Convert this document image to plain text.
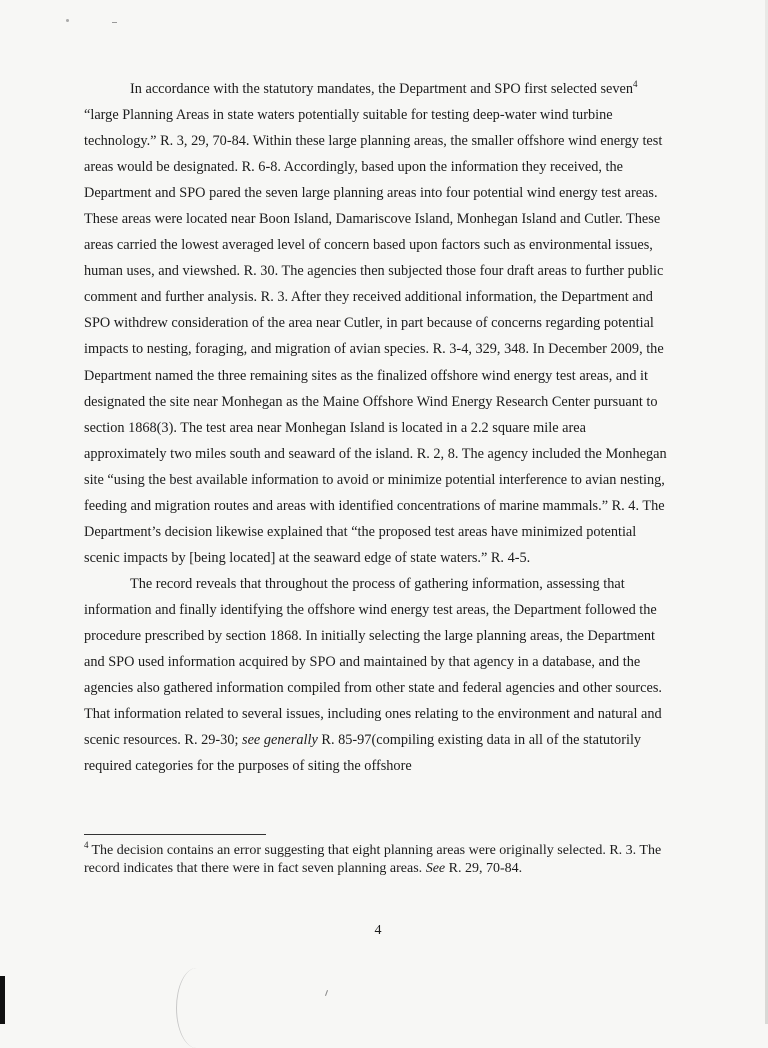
In accordance with the statutory mandates, the Department and SPO first selected seven$^4$ “large Planning Areas in state waters potentially suitable for testing deep-water wind turbine technology.” R. 3, 29, 70-84. Within these large planning areas, the smaller offshore wind energy test areas would be designated. R. 6-8. Accordingly, based upon the information they received, the Department and SPO pared the seven large planning areas into four potential wind energy test areas. These areas were located near Boon Island, Damariscove Island, Monhegan Island and Cutler. These areas carried the lowest averaged level of concern based upon factors such as environmental issues, human uses, and viewshed. R. 30. The agencies then subjected those four draft areas to further public comment and further analysis. R. 3. After they received additional information, the Department and SPO withdrew consideration of the area near Cutler, in part because of concerns regarding potential impacts to nesting, foraging, and migration of avian species. R. 3-4, 329, 348. In December 2009, the Department named the three remaining sites as the finalized offshore wind energy test areas, and it designated the site near Monhegan as the Maine Offshore Wind Energy Research Center pursuant to section 1868(3). The test area near Monhegan Island is located in a 2.2 square mile area approximately two miles south and seaward of the island. R. 2, 8. The agency included the Monhegan site “using the best available information to avoid or minimize potential interference to avian nesting, feeding and migration routes and areas with identified concentrations of marine mammals.” R. 4. The Department’s decision likewise explained that “the proposed test areas have minimized potential scenic impacts by [being located] at the seaward edge of state waters.” R. 4-5.

The record reveals that throughout the process of gathering information, assessing that information and finally identifying the offshore wind energy test areas, the Department followed the procedure prescribed by section 1868. In initially selecting the large planning areas, the Department and SPO used information acquired by SPO and maintained by that agency in a database, and the agencies also gathered information compiled from other state and federal agencies and other sources. That information related to several issues, including ones relating to the environment and natural and scenic resources. R. 29-30; see generally R. 85-97(compiling existing data in all of the statutorily required categories for the purposes of siting the offshore

$^4$ The decision contains an error suggesting that eight planning areas were originally selected. R. 3. The record indicates that there were in fact seven planning areas. See R. 29, 70-84.
4
